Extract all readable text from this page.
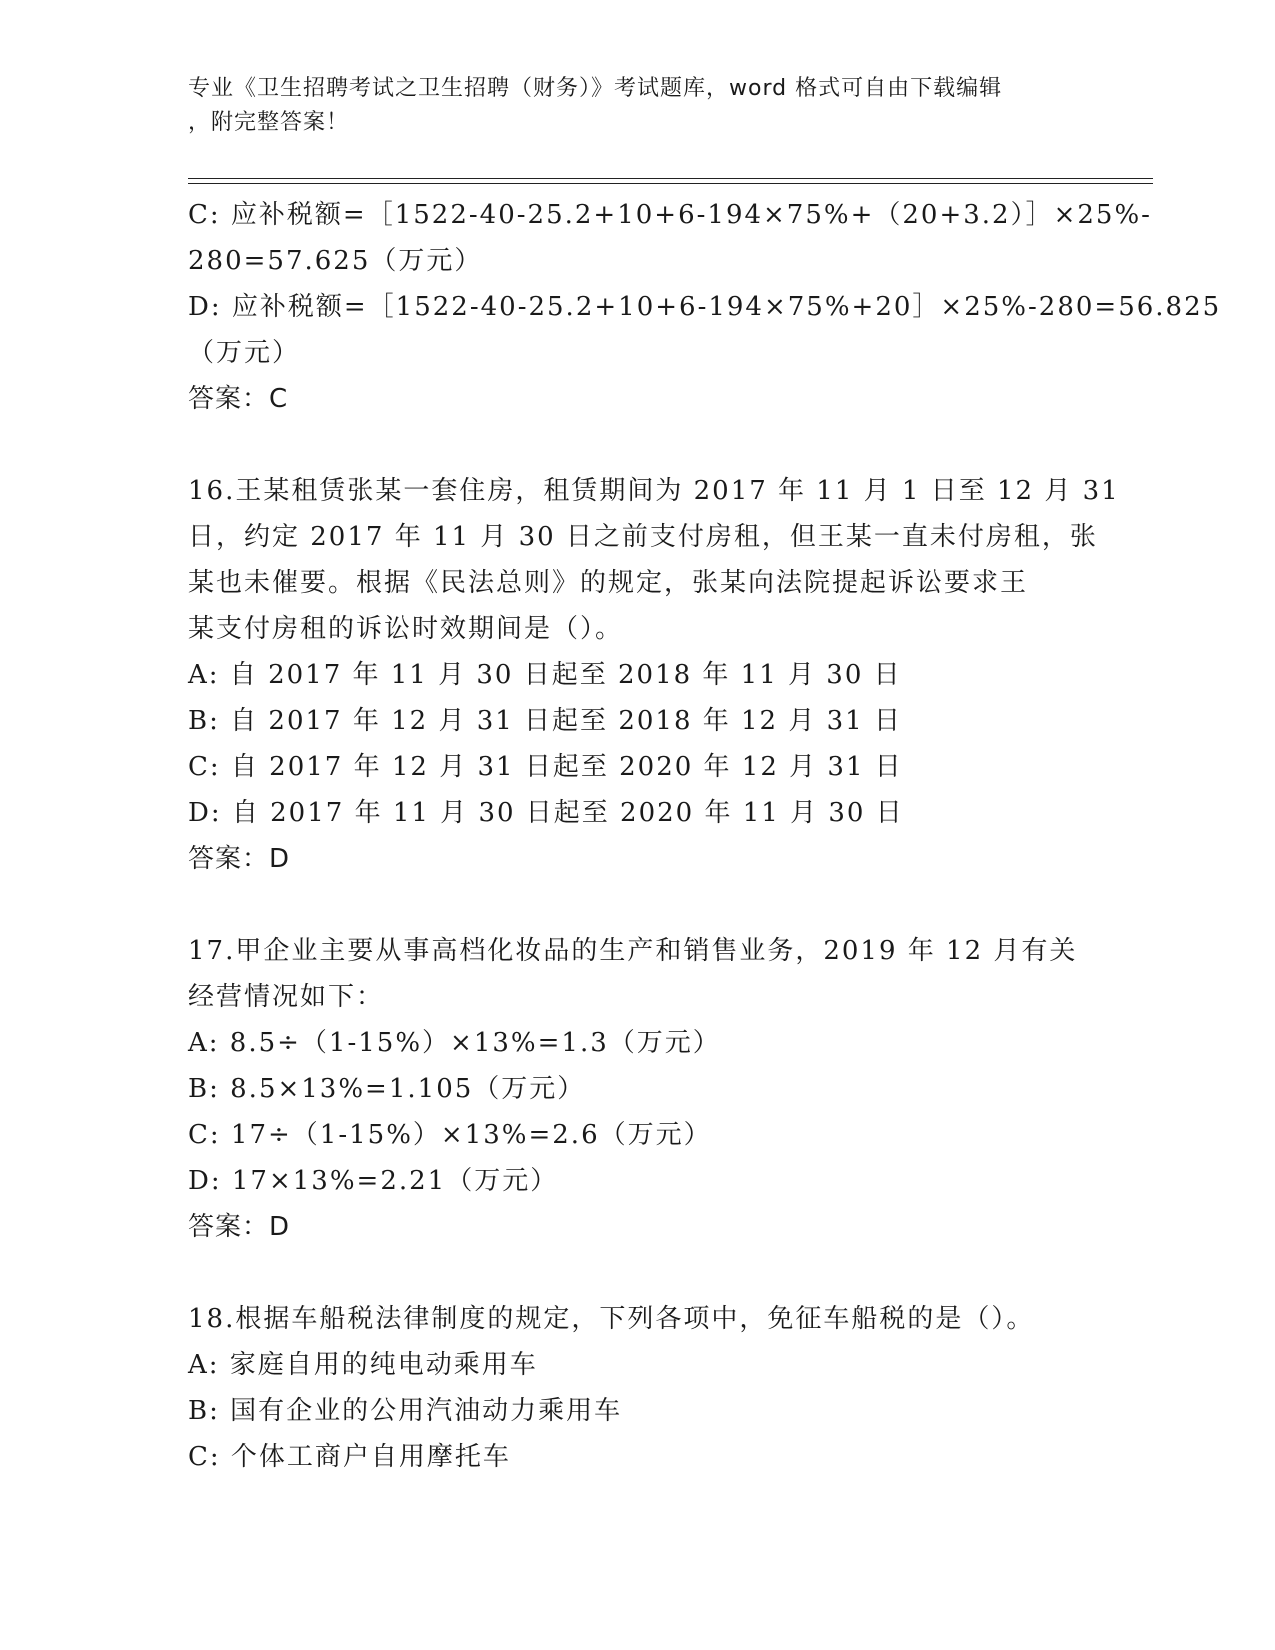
专业《卫生招聘考试之卫生招聘（财务）》考试题库，word 格式可自由下载编辑
，附完整答案！
C: 应补税额=［1522-40-25.2+10+6-194×75%+（20+3.2）］×25%-
280=57.625（万元）
D: 应补税额=［1522-40-25.2+10+6-194×75%+20］×25%-280=56.825
（万元）
答案：C
16.王某租赁张某一套住房，租赁期间为 2017 年 11 月 1 日至 12 月 31
日，约定 2017 年 11 月 30 日之前支付房租，但王某一直未付房租，张
某也未催要。根据《民法总则》的规定，张某向法院提起诉讼要求王
某支付房租的诉讼时效期间是（）。
A: 自 2017 年 11 月 30 日起至 2018 年 11 月 30 日
B: 自 2017 年 12 月 31 日起至 2018 年 12 月 31 日
C: 自 2017 年 12 月 31 日起至 2020 年 12 月 31 日
D: 自 2017 年 11 月 30 日起至 2020 年 11 月 30 日
答案：D
17.甲企业主要从事高档化妆品的生产和销售业务，2019 年 12 月有关
经营情况如下：
A: 8.5÷（1-15%）×13%=1.3（万元）
B: 8.5×13%=1.105（万元）
C: 17÷（1-15%）×13%=2.6（万元）
D: 17×13%=2.21（万元）
答案：D
18.根据车船税法律制度的规定，下列各项中，免征车船税的是（）。
A: 家庭自用的纯电动乘用车
B: 国有企业的公用汽油动力乘用车
C: 个体工商户自用摩托车
